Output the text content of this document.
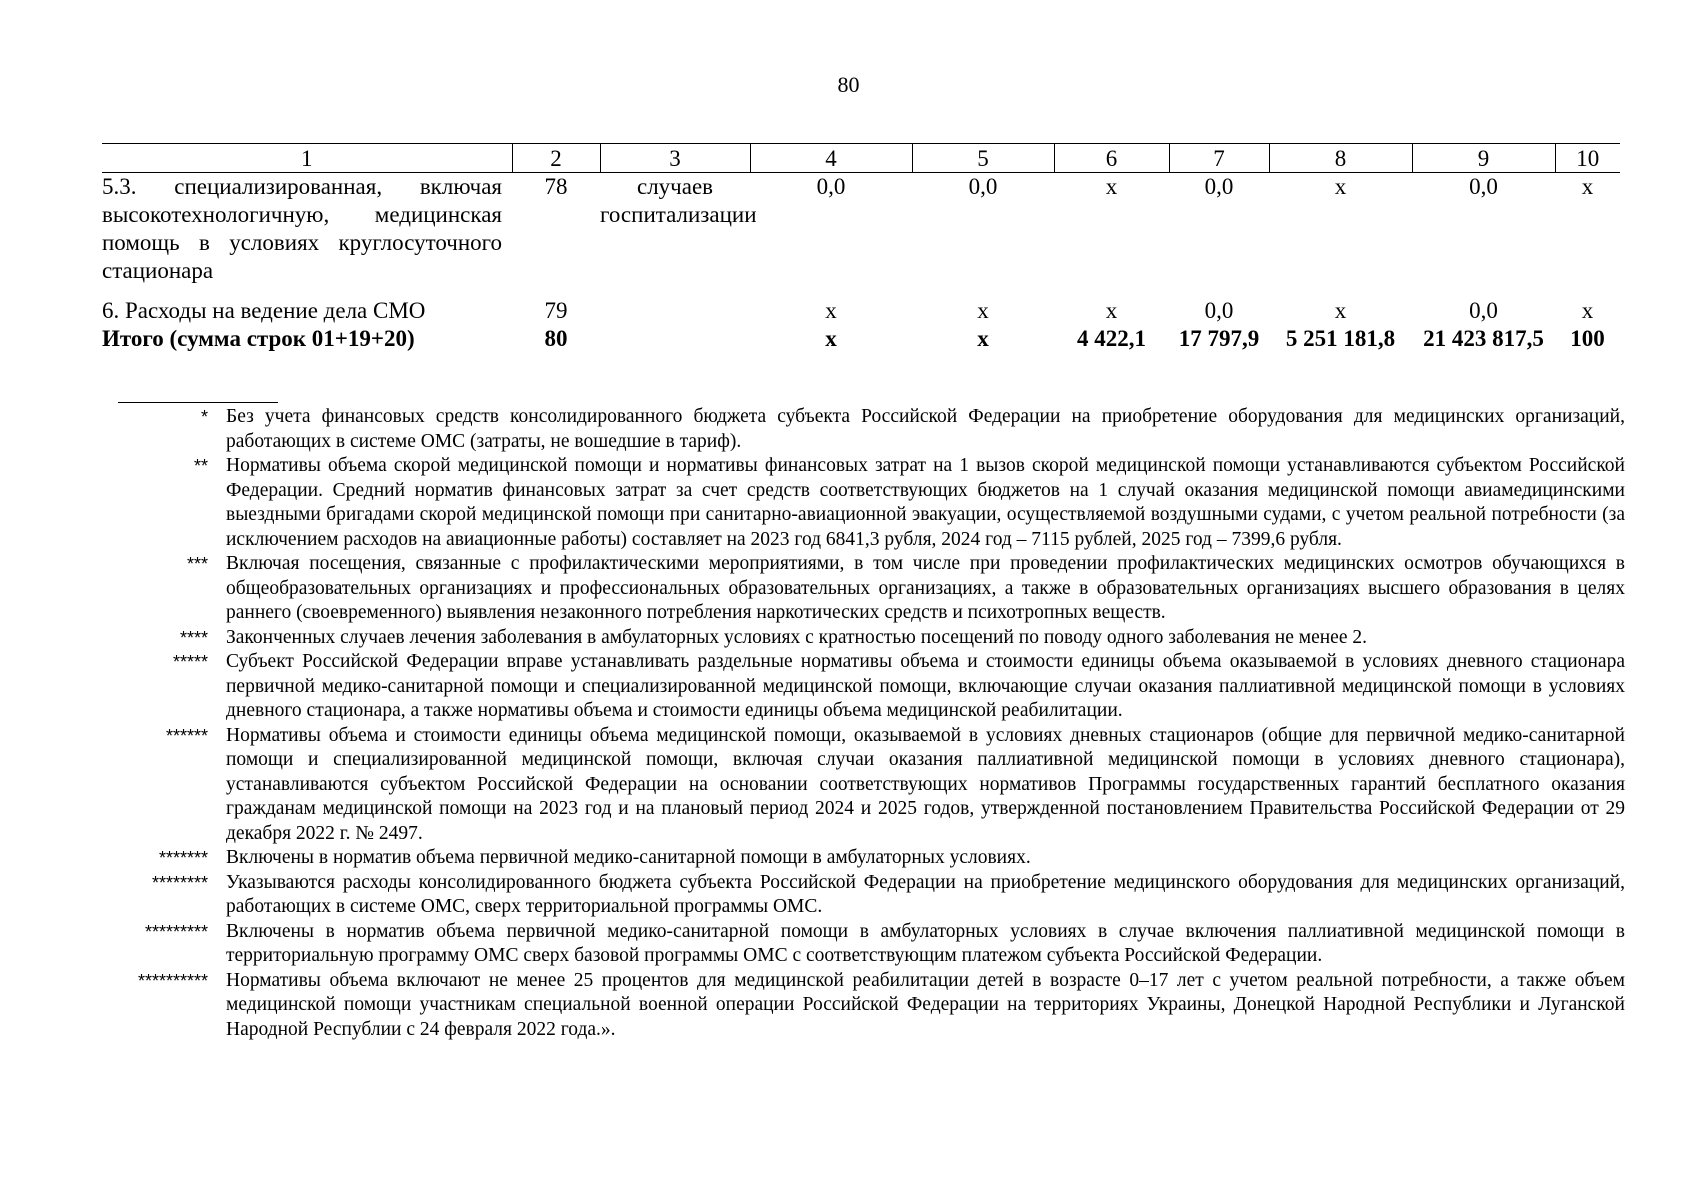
80
1	2	3	4	5	6	7	8	9	10
5.3. специализированная, включая высокотехнологичную, медицинская помощь в условиях круглосуточного стационара	78	случаев госпитализации	0,0	0,0	х	0,0	х	0,0	х

6. Расходы на ведение дела СМО	79		х	х	х	0,0	х	0,0	х
Итого (сумма строк 01+19+20)	80		х	х	4 422,1	17 797,9	5 251 181,8	21 423 817,5	100
* Без учета финансовых средств консолидированного бюджета субъекта Российской Федерации на приобретение оборудования для медицинских организаций, работающих в системе ОМС (затраты, не вошедшие в тариф).
** Нормативы объема скорой медицинской помощи и нормативы финансовых затрат на 1 вызов скорой медицинской помощи устанавливаются субъектом Российской Федерации. Средний норматив финансовых затрат за счет средств соответствующих бюджетов на 1 случай оказания медицинской помощи авиамедицинскими выездными бригадами скорой медицинской помощи при санитарно-авиационной эвакуации, осуществляемой воздушными судами, с учетом реальной потребности (за исключением расходов на авиационные работы) составляет на 2023 год 6841,3 рубля, 2024 год – 7115 рублей, 2025 год – 7399,6 рубля.
*** Включая посещения, связанные с профилактическими мероприятиями, в том числе при проведении профилактических медицинских осмотров обучающихся в общеобразовательных организациях и профессиональных образовательных организациях, а также в образовательных организациях высшего образования в целях раннего (своевременного) выявления незаконного потребления наркотических средств и психотропных веществ.
**** Законченных случаев лечения заболевания в амбулаторных условиях с кратностью посещений по поводу одного заболевания не менее 2.
***** Субъект Российской Федерации вправе устанавливать раздельные нормативы объема и стоимости единицы объема оказываемой в условиях дневного стационара первичной медико-санитарной помощи и специализированной медицинской помощи, включающие случаи оказания паллиативной медицинской помощи в условиях дневного стационара, а также нормативы объема и стоимости единицы объема медицинской реабилитации.
****** Нормативы объема и стоимости единицы объема медицинской помощи, оказываемой в условиях дневных стационаров (общие для первичной медико-санитарной помощи и специализированной медицинской помощи, включая случаи оказания паллиативной медицинской помощи в условиях дневного стационара), устанавливаются субъектом Российской Федерации на основании соответствующих нормативов Программы государственных гарантий бесплатного оказания гражданам медицинской помощи на 2023 год и на плановый период 2024 и 2025 годов, утвержденной постановлением Правительства Российской Федерации от 29 декабря 2022 г. № 2497.
******* Включены в норматив объема первичной медико-санитарной помощи в амбулаторных условиях.
******** Указываются расходы консолидированного бюджета субъекта Российской Федерации на приобретение медицинского оборудования для медицинских организаций, работающих в системе ОМС, сверх территориальной программы ОМС.
********* Включены в норматив объема первичной медико-санитарной помощи в амбулаторных условиях в случае включения паллиативной медицинской помощи в территориальную программу ОМС сверх базовой программы ОМС с соответствующим платежом субъекта Российской Федерации.
********** Нормативы объема включают не менее 25 процентов для медицинской реабилитации детей в возрасте 0–17 лет с учетом реальной потребности, а также объем медицинской помощи участникам специальной военной операции Российской Федерации на территориях Украины, Донецкой Народной Республики и Луганской Народной Республии с 24 февраля 2022 года.».
